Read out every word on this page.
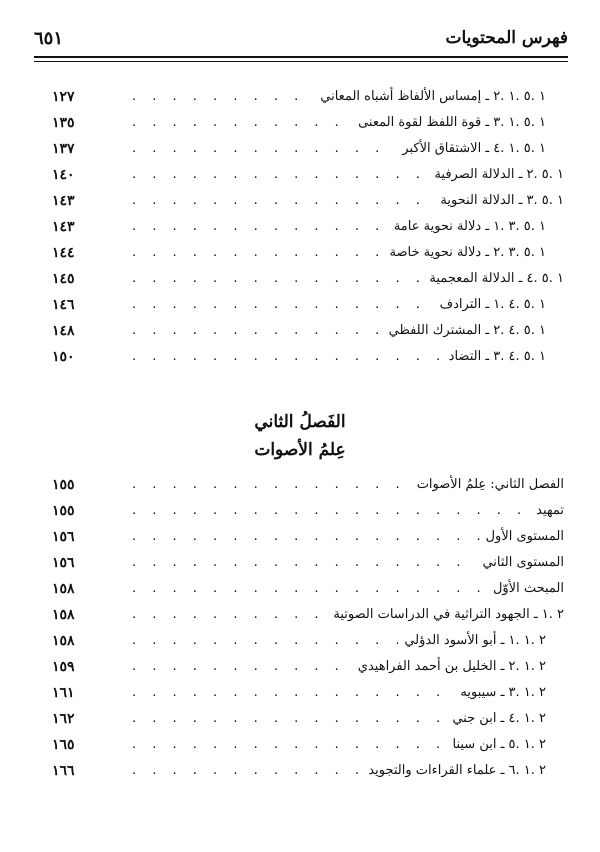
فهرس المحتويات
٦٥١
١ .٥ .١ .٢ ـ إمساس الألفاظ أشباه المعاني
. . .
١٢٧
١ .٥ .١ .٣ ـ قوة اللفظ لقوة المعنى
. . .
١٣٥
١ .٥ .١ .٤ ـ الاشتقاق الأكبر
. . .
١٣٧
١ .٥ .٢ ـ الدلالة الصرفية
. . .
١٤٠
١ .٥ .٣ ـ الدلالة النحوية
. . .
١٤٣
١ .٥ .٣ .١ ـ دلالة نحوية عامة
. . .
١٤٣
١ .٥ .٣ .٢ ـ دلالة نحوية خاصة
. . .
١٤٤
١ .٥ .٤ ـ الدلالة المعجمية
. . .
١٤٥
١ .٥ .٤ .١ ـ الترادف
. . .
١٤٦
١ .٥ .٤ .٢ ـ المشترك اللفظي
. . .
١٤٨
١ .٥ .٤ .٣ ـ التضاد
. . .
١٥٠
الفَصلُ الثاني
عِلمُ الأصوات
الفصل الثاني: عِلمُ الأصوات
. . .
١٥٥
تمهيد
. . .
١٥٥
المستوى الأول
. . .
١٥٦
المستوى الثاني
. . .
١٥٦
المبحث الأوّل
. . .
١٥٨
٢ .١ ـ الجهود التراثية في الدراسات الصوتية
. . .
١٥٨
٢ .١ .١ ـ أبو الأسود الدؤلي
. . .
١٥٨
٢ .١ .٢ ـ الخليل بن أحمد الفراهيدي
. . .
١٥٩
٢ .١ .٣ ـ سيبويه
. . .
١٦١
٢ .١ .٤ ـ ابن جني
. . .
١٦٢
٢ .١ .٥ ـ ابن سينا
. . .
١٦٥
٢ .١ .٦ ـ علماء القراءات والتجويد
. . .
١٦٦
